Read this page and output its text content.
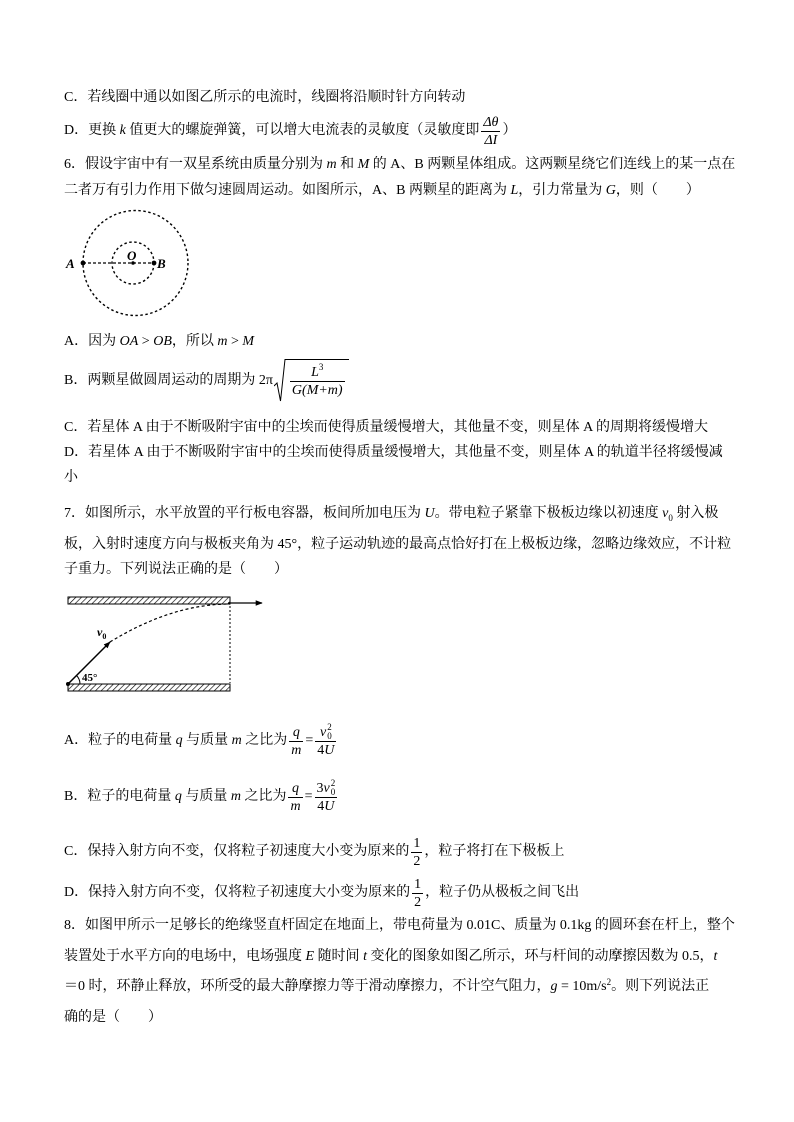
C．若线圈中通以如图乙所示的电流时，线圈将沿顺时针方向转动
D．更换 k 值更大的螺旋弹簧，可以增大电流表的灵敏度（灵敏度即 $\frac{\Delta\theta}{\Delta I}$ ）
6．假设宇宙中有一双星系统由质量分别为 m 和 M 的 A、B 两颗星体组成。这两颗星绕它们连线上的某一点在
二者万有引力作用下做匀速圆周运动。如图所示，A、B 两颗星的距离为 L ，引力常量为 G ，则（　　）
A
O
B
A．因为 OA > OB ，所以 m > M
B．两颗星做圆周运动的周期为 $2\pi \frac{L 3}{G(M+m)}$
C．若星体 A 由于不断吸附宇宙中的尘埃而使得质量缓慢增大，其他量不变，则星体 A 的周期将缓慢增大
D．若星体 A 由于不断吸附宇宙中的尘埃而使得质量缓慢增大，其他量不变，则星体 A 的轨道半径将缓慢减
小
7．如图所示，水平放置的平行板电容器，板间所加电压为 U 。带电粒子紧靠下极板边缘以初速度 v 0 射入极
板，入射时速度方向与极板夹角为 45°，粒子运动轨迹的最高点恰好打在上极板边缘，忽略边缘效应，不计粒
子重力。下列说法正确的是（　　）
$v_0$
45°
A．粒子的电荷量 q 与质量 m 之比为 $\frac{q}{m} = v$ 2
0
4 U
B．粒子的电荷量 q 与质量 m 之比为 $\frac{q}{m} = 3$ v 2
0
4 U
C．保持入射方向不变，仅将粒子初速度大小变为原来的 $\frac{1}{2}$ ，粒子将打在下极板上
D．保持入射方向不变，仅将粒子初速度大小变为原来的 $\frac{1}{2}$ ，粒子仍从极板之间飞出
8．如图甲所示一足够长的绝缘竖直杆固定在地面上，带电荷量为 0.01C、质量为 0.1kg 的圆环套在杆上，整个
装置处于水平方向的电场中，电场强度 E 随时间 t 变化的图象如图乙所示，环与杆间的动摩擦因数为 0.5， t
＝0 时，环静止释放，环所受的最大静摩擦力等于滑动摩擦力，不计空气阻力， g = 10m/s 2 。则下列说法正
确的是（　　）
